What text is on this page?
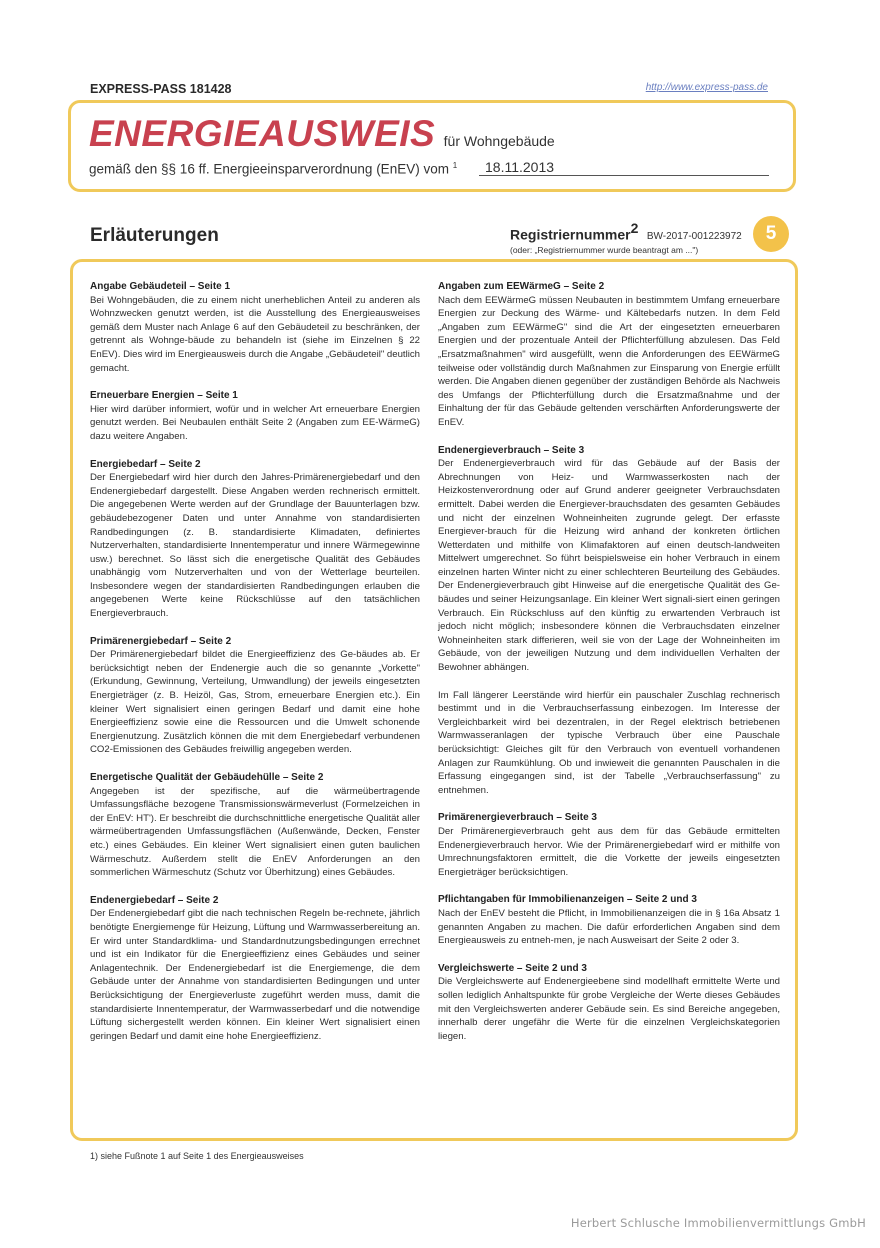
EXPRESS-PASS 181428	http://www.express-pass.de
ENERGIEAUSWEIS für Wohngebäude
gemäß den §§ 16 ff. Energieeinsparverordnung (EnEV) vom $^1$	18.11.2013
Erläuterungen	Registriernummer$^2$ BW-2017-001223972
(oder: „Registriernummer wurde beantragt am ...")
5
Angabe Gebäudeteil – Seite 1

Bei Wohngebäuden, die zu einem nicht unerheblichen Anteil zu anderen als Wohnzwecken genutzt werden, ist die Ausstellung des Energieausweises gemäß dem Muster nach Anlage 6 auf den Gebäudeteil zu beschränken, der getrennt als Wohnge-bäude zu behandeln ist (siehe im Einzelnen § 22 EnEV). Dies wird im Energieausweis durch die Angabe „Gebäudeteil" deutlich gemacht.

Erneuerbare Energien – Seite 1

Hier wird darüber informiert, wofür und in welcher Art erneuerbare Energien genutzt werden. Bei Neubaulen enthält Seite 2 (Angaben zum EE-WärmeG) dazu weitere Angaben.

Energiebedarf – Seite 2

Der Energiebedarf wird hier durch den Jahres-Primärenergiebedarf und den Endenergiebedarf dargestellt. Diese Angaben werden rechnerisch ermittelt. Die angegebenen Werte werden auf der Grundlage der Bauunterlagen bzw. gebäudebezogener Daten und unter Annahme von standardisierten Randbedingungen (z. B. standardisierte Klimadaten, definiertes Nutzerverhalten, standardisierte Innentemperatur und innere Wärmegewinne usw.) berechnet. So lässt sich die energetische Qualität des Gebäudes unabhängig vom Nutzerverhalten und von der Wetterlage beurteilen. Insbesondere wegen der standardisierten Randbedingungen erlauben die angegebenen Werte keine Rückschlüsse auf den tatsächlichen Energieverbrauch.

Primärenergiebedarf – Seite 2

Der Primärenergiebedarf bildet die Energieeffizienz des Ge-bäudes ab. Er berücksichtigt neben der Endenergie auch die so genannte „Vorkette" (Erkundung, Gewinnung, Verteilung, Umwandlung) der jeweils eingesetzten Energieträger (z. B. Heizöl, Gas, Strom, erneuerbare Energien etc.). Ein kleiner Wert signalisiert einen geringen Bedarf und damit eine hohe Energieeffizienz sowie eine die Ressourcen und die Umwelt schonende Energienutzung. Zusätzlich können die mit dem Energiebedarf verbundenen CO2-Emissionen des Gebäudes freiwillig angegeben werden.

Energetische Qualität der Gebäudehülle – Seite 2

Angegeben ist der spezifische, auf die wärmeübertragende Umfassungsfläche bezogene Transmissionswärmeverlust (Formelzeichen in der EnEV: HT'). Er beschreibt die durchschnittliche energetische Qualität aller wärmeübertragenden Umfassungsflächen (Außenwände, Decken, Fenster etc.) eines Gebäudes. Ein kleiner Wert signalisiert einen guten baulichen Wärmeschutz. Außerdem stellt die EnEV Anforderungen an den sommerlichen Wärmeschutz (Schutz vor Überhitzung) eines Gebäudes.

Endenergiebedarf – Seite 2

Der Endenergiebedarf gibt die nach technischen Regeln be-rechnete, jährlich benötigte Energiemenge für Heizung, Lüftung und Warmwasserbereitung an. Er wird unter Standardklima- und Standardnutzungsbedingungen errechnet und ist ein Indikator für die Energieeffizienz eines Gebäudes und seiner Anlagentechnik. Der Endenergiebedarf ist die Energiemenge, die dem Gebäude unter der Annahme von standardisierten Bedingungen und unter Berücksichtigung der Energieverluste zugeführt werden muss, damit die standardisierte Innentemperatur, der Warmwasserbedarf und die notwendige Lüftung sichergestellt werden können. Ein kleiner Wert signalisiert einen geringen Bedarf und damit eine hohe Energieeffizienz.

Angaben zum EEWärmeG – Seite 2

Nach dem EEWärmeG müssen Neubauten in bestimmtem Umfang erneuerbare Energien zur Deckung des Wärme- und Kältebedarfs nutzen. In dem Feld „Angaben zum EEWärmeG" sind die Art der eingesetzten erneuerbaren Energien und der prozentuale Anteil der Pflichterfüllung abzulesen. Das Feld „Ersatzmaßnahmen" wird ausgefüllt, wenn die Anforderungen des EEWärmeG teilweise oder vollständig durch Maßnahmen zur Einsparung von Energie erfüllt werden. Die Angaben dienen gegenüber der zuständigen Behörde als Nachweis des Umfangs der Pflichterfüllung durch die Ersatzmaßnahme und der Einhaltung der für das Gebäude geltenden verschärften Anforderungswerte der EnEV.

Endenergieverbrauch – Seite 3

Der Endenergieverbrauch wird für das Gebäude auf der Basis der Abrechnungen von Heiz- und Warmwasserkosten nach der Heizkostenverordnung oder auf Grund anderer geeigneter Verbrauchsdaten ermittelt. Dabei werden die Energiever-brauchsdaten des gesamten Gebäudes und nicht der einzelnen Wohneinheiten zugrunde gelegt. Der erfasste Energiever-brauch für die Heizung wird anhand der konkreten örtlichen Wetterdaten und mithilfe von Klimafaktoren auf einen deutsch-landweiten Mittelwert umgerechnet. So führt beispielsweise ein hoher Verbrauch in einem einzelnen harten Winter nicht zu einer schlechteren Beurteilung des Gebäudes. Der Endenergieverbrauch gibt Hinweise auf die energetische Qualität des Ge-bäudes und seiner Heizungsanlage. Ein kleiner Wert signali-siert einen geringen Verbrauch. Ein Rückschluss auf den künftig zu erwartenden Verbrauch ist jedoch nicht möglich; insbesondere können die Verbrauchsdaten einzelner Wohneinheiten stark differieren, weil sie von der Lage der Wohneinheiten im Gebäude, von der jeweiligen Nutzung und dem individuellen Verhalten der Bewohner abhängen.

Im Fall längerer Leerstände wird hierfür ein pauschaler Zuschlag rechnerisch bestimmt und in die Verbrauchserfassung einbezogen. Im Interesse der Vergleichbarkeit wird bei dezentralen, in der Regel elektrisch betriebenen Warmwasseranlagen der typische Verbrauch über eine Pauschale berücksichtigt: Gleiches gilt für den Verbrauch von eventuell vorhandenen Anlagen zur Raumkühlung. Ob und inwieweit die genannten Pauschalen in die Erfassung eingegangen sind, ist der Tabelle „Verbrauchserfassung" zu entnehmen.

Primärenergieverbrauch – Seite 3

Der Primärenergieverbrauch geht aus dem für das Gebäude ermittelten Endenergieverbrauch hervor. Wie der Primärenergiebedarf wird er mithilfe von Umrechnungsfaktoren ermittelt, die die Vorkette der jeweils eingesetzten Energieträger berücksichtigen.

Pflichtangaben für Immobilienanzeigen – Seite 2 und 3

Nach der EnEV besteht die Pflicht, in Immobilienanzeigen die in § 16a Absatz 1 genannten Angaben zu machen. Die dafür erforderlichen Angaben sind dem Energieausweis zu entneh-men, je nach Ausweisart der Seite 2 oder 3.

Vergleichswerte – Seite 2 und 3

Die Vergleichswerte auf Endenergieebene sind modellhaft ermittelte Werte und sollen lediglich Anhaltspunkte für grobe Vergleiche der Werte dieses Gebäudes mit den Vergleichswerten anderer Gebäude sein. Es sind Bereiche angegeben, innerhalb derer ungefähr die Werte für die einzelnen Vergleichskategorien liegen.

1) siehe Fußnote 1 auf Seite 1 des Energieausweises
Herbert Schlusche Immobilienvermittlungs GmbH
